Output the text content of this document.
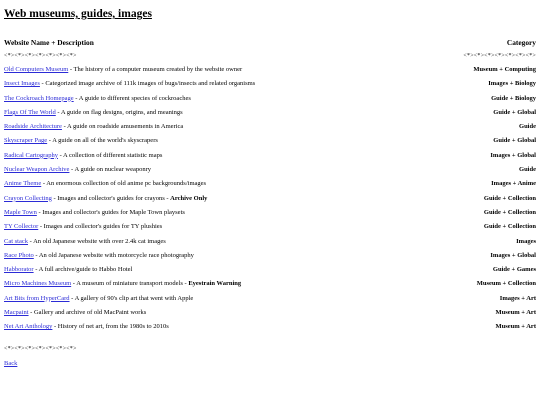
Web museums, guides, images
Website Name + Description	Category
<*><*><*><*><*><*><*>	<*><*><*><*><*><*><*>
Old Computers Museum - The history of a computer museum created by the website owner	Museum + Computing
Insect Images - Categorized image archive of 111k images of bugs/insects and related organisms	Images + Biology
The Cockroach Homepage - A guide to different species of cockroaches	Guide + Biology
Flags Of The World - A guide on flag designs, origins, and meanings	Guide + Global
Roadside Architecture - A guide on roadside amusements in America	Guide
Skyscraper Page - A guide on all of the world's skyscrapers	Guide + Global
Radical Cartography - A collection of different statistic maps	Images + Global
Nuclear Weapon Archive - A guide on nuclear weaponry	Guide
Anime Theme - An enormous collection of old anime pc backgrounds/images	Images + Anime
Crayon Collecting - Images and collector's guides for crayons - Archive Only	Guide + Collection
Maple Town - Images and collector's guides for Maple Town playsets	Guide + Collection
TY Collector - Images and collector's guides for TY plushies	Guide + Collection
Cat stack - An old Japanese website with over 2.4k cat images	Images
Race Photo - An old Japanese website with motorcycle race photography	Images + Global
Habborator - A full archive/guide to Habbo Hotel	Guide + Games
Micro Machines Museum - A museum of miniature transport models - Eyestrain Warning	Museum + Collection
Art Bits from HyperCard - A gallery of 90's clip art that went with Apple	Images + Art
Macpaint - Gallery and archive of old MacPaint works	Museum + Art
Net Art Anthology - History of net art, from the 1980s to 2010s	Museum + Art
<*><*><*><*><*><*><*>
Back
